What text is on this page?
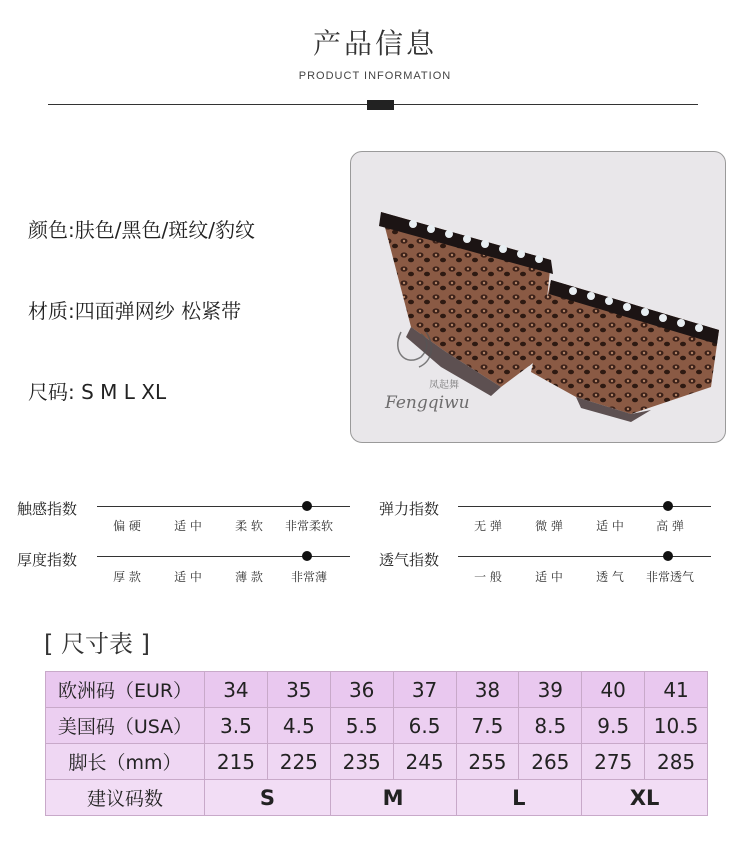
产品信息
PRODUCT INFORMATION
颜色:肤色/黑色/斑纹/豹纹
材质:四面弹网纱 松紧带
尺码: S M L XL	凤起舞
Fengqiwu
触感指数
偏 硬	适 中	柔 软	非常柔软
弹力指数
无 弹	微 弹	适 中	高 弹
厚度指数
厚 款	适 中	薄 款	非常薄
透气指数
一 般	适 中	透 气	非常透气
[ 尺寸表 ]
欧洲码（EUR）	34	35	36	37	38	39	40	41
美国码（USA）	3.5	4.5	5.5	6.5	7.5	8.5	9.5	10.5
脚长（mm）	215	225	235	245	255	265	275	285
建议码数	S		M		L		XL	
